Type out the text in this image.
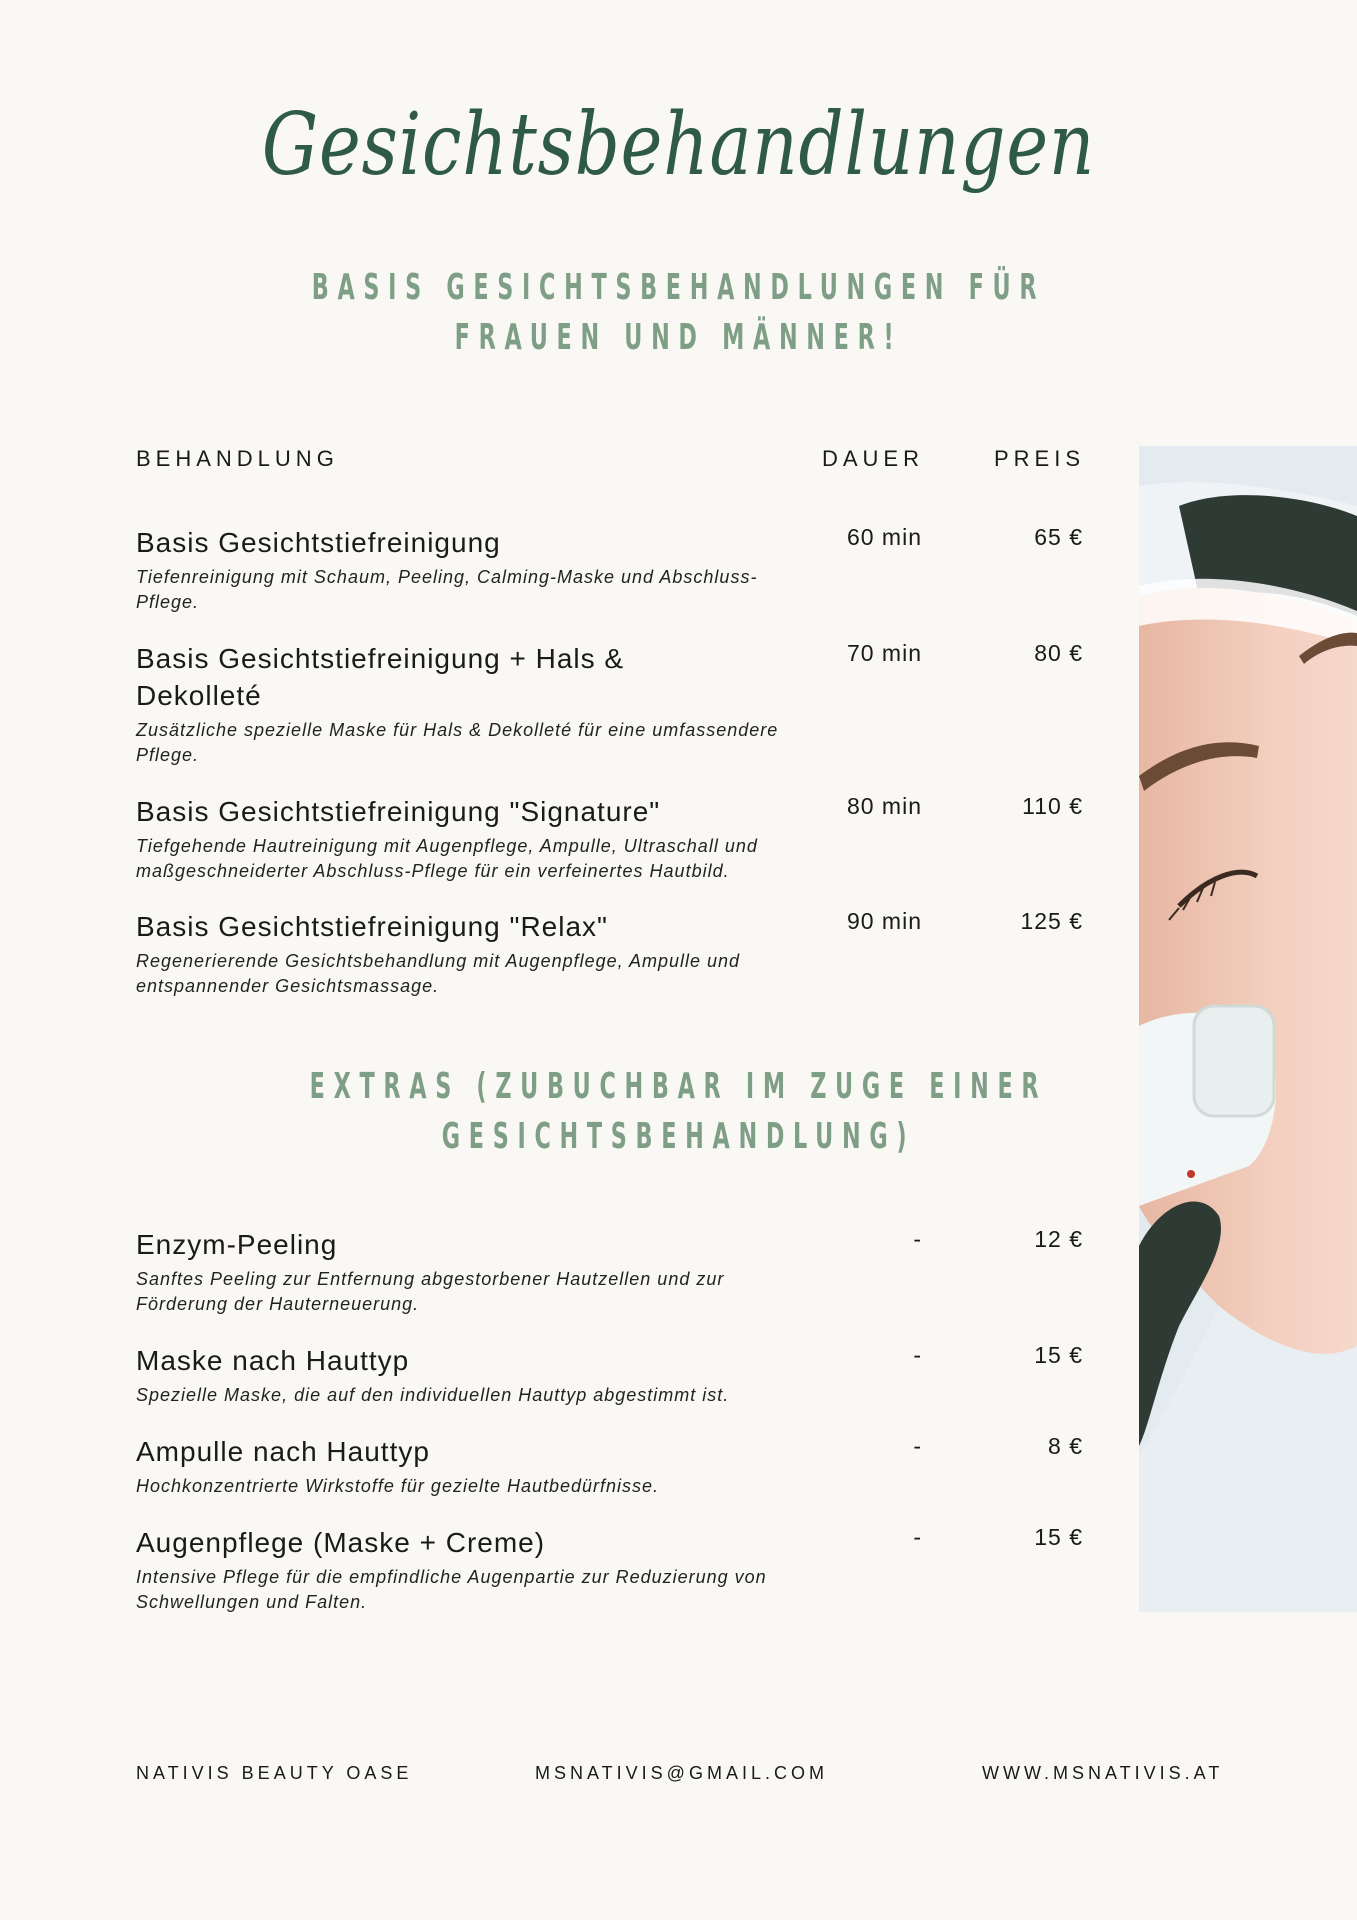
Gesichtsbehandlungen
BASIS GESICHTSBEHANDLUNGEN FÜR
FRAUEN UND MÄNNER!
BEHANDLUNG	DAUER	PREIS
Basis Gesichtstiefreinigung
Tiefenreinigung mit Schaum, Peeling, Calming-Maske und Abschluss-Pflege.
60 min	65 €
Basis Gesichtstiefreinigung + Hals & Dekolleté
Zusätzliche spezielle Maske für Hals & Dekolleté für eine umfassendere Pflege.
70 min	80 €
Basis Gesichtstiefreinigung "Signature"
Tiefgehende Hautreinigung mit Augenpflege, Ampulle, Ultraschall und maßgeschneiderter Abschluss-Pflege für ein verfeinertes Hautbild.
80 min	110 €
Basis Gesichtstiefreinigung "Relax"
Regenerierende Gesichtsbehandlung mit Augenpflege, Ampulle und entspannender Gesichtsmassage.
90 min	125 €
EXTRAS (ZUBUCHBAR IM ZUGE EINER
GESICHTSBEHANDLUNG)
Enzym-Peeling
Sanftes Peeling zur Entfernung abgestorbener Hautzellen und zur Förderung der Hauterneuerung.
-	12 €
Maske nach Hauttyp
Spezielle Maske, die auf den individuellen Hauttyp abgestimmt ist.
-	15 €
Ampulle nach Hauttyp
Hochkonzentrierte Wirkstoffe für gezielte Hautbedürfnisse.
-	8 €
Augenpflege (Maske + Creme)
Intensive Pflege für die empfindliche Augenpartie zur Reduzierung von Schwellungen und Falten.
-	15 €
NATIVIS BEAUTY OASE	MSNATIVIS@GMAIL.COM	WWW.MSNATIVIS.AT
